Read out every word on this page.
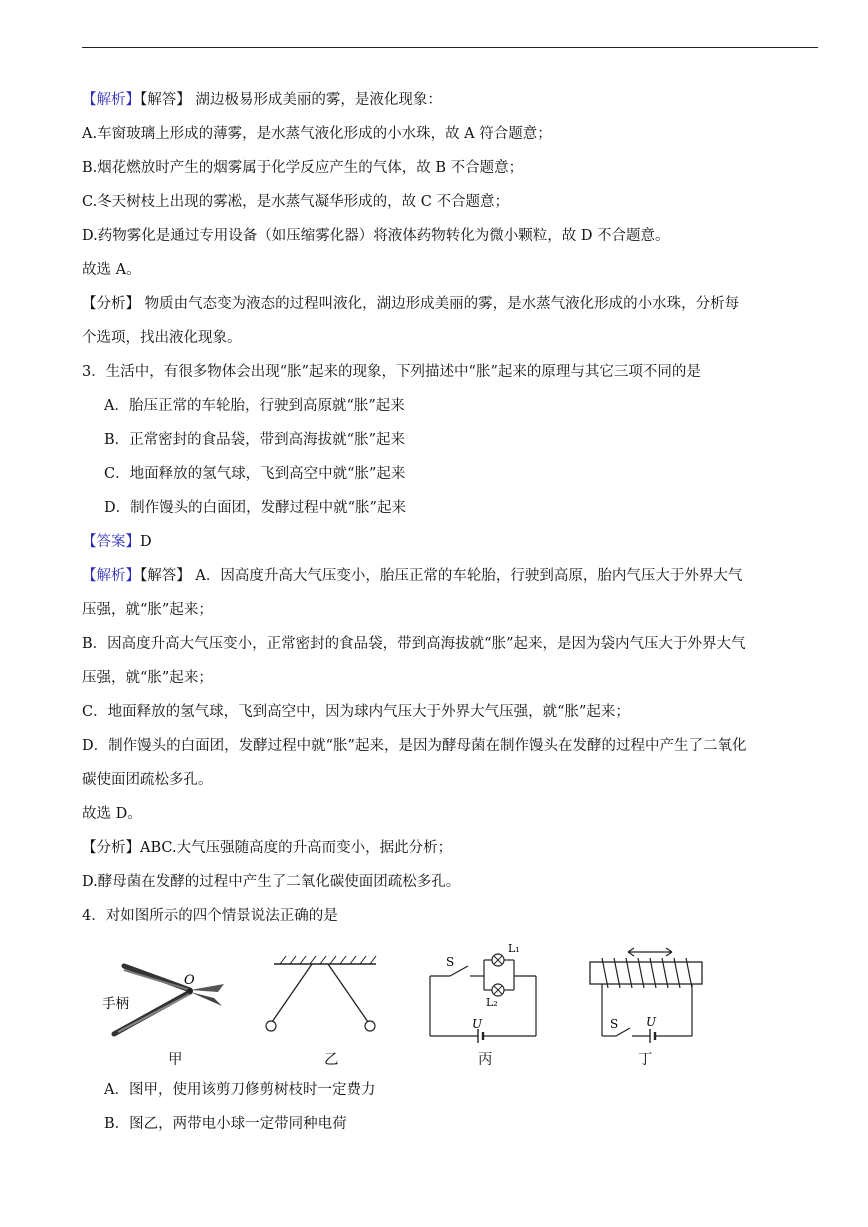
【解析】【解答】 湖边极易形成美丽的雾，是液化现象：
A.车窗玻璃上形成的薄雾，是水蒸气液化形成的小水珠，故 A 符合题意；
B.烟花燃放时产生的烟雾属于化学反应产生的气体，故 B 不合题意；
C.冬天树枝上出现的雾凇，是水蒸气凝华形成的，故 C 不合题意；
D.药物雾化是通过专用设备（如压缩雾化器）将液体药物转化为微小颗粒，故 D 不合题意。
故选 A。
【分析】 物质由气态变为液态的过程叫液化，湖边形成美丽的雾，是水蒸气液化形成的小水珠，分析每
个选项，找出液化现象。
3．生活中，有很多物体会出现“胀”起来的现象，下列描述中“胀”起来的原理与其它三项不同的是
A．胎压正常的车轮胎，行驶到高原就“胀”起来
B．正常密封的食品袋，带到高海拔就“胀”起来
C．地面释放的氢气球，飞到高空中就“胀”起来
D．制作馒头的白面团，发酵过程中就“胀”起来
【答案】D
【解析】【解答】 A．因高度升高大气压变小，胎压正常的车轮胎，行驶到高原，胎内气压大于外界大气
压强，就“胀”起来；
B．因高度升高大气压变小，正常密封的食品袋，带到高海拔就“胀”起来，是因为袋内气压大于外界大气
压强，就“胀”起来；
C．地面释放的氢气球，飞到高空中，因为球内气压大于外界大气压强，就“胀”起来；
D．制作馒头的白面团，发酵过程中就“胀”起来，是因为酵母菌在制作馒头在发酵的过程中产生了二氧化
碳使面团疏松多孔。
故选 D。
【分析】ABC.大气压强随高度的升高而变小，据此分析；
D.酵母菌在发酵的过程中产生了二氧化碳使面团疏松多孔。
4．对如图所示的四个情景说法正确的是
O
手柄
S
L₁
L₂
U	S U
甲	乙	丙	丁
A．图甲，使用该剪刀修剪树枝时一定费力
B．图乙，两带电小球一定带同种电荷
